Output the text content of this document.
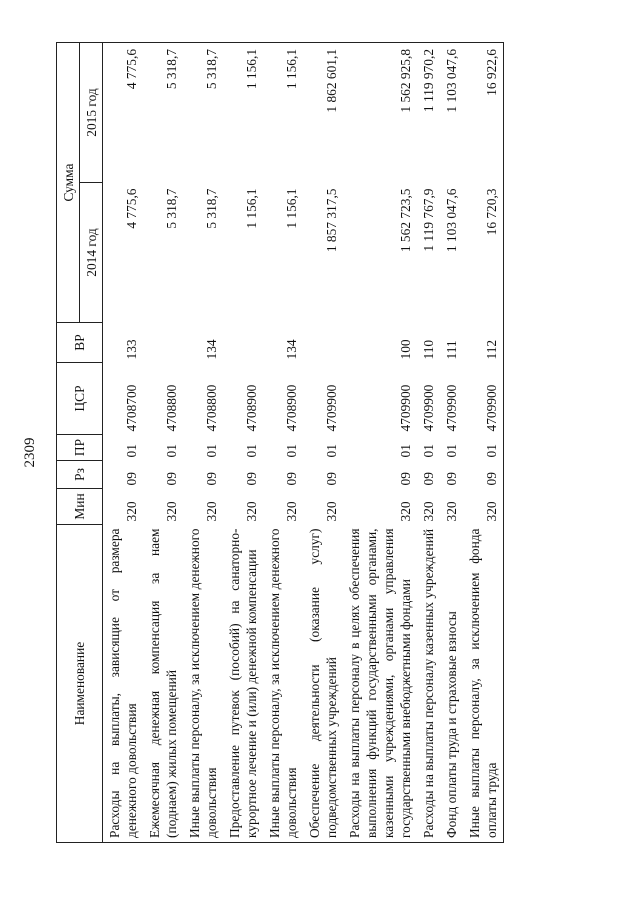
2309
Наименование	Мин	Рз	ПР	ЦСР	ВР	Сумма	
						2014 год	2015 год
Расходы на выплаты, зависящие от размера денежного довольствия	320	09	01	4708700	133	4 775,6	4 775,6
Ежемесячная денежная компенсация за наем (поднаем) жилых помещений	320	09	01	4708800		5 318,7	5 318,7
Иные выплаты персоналу, за исключением денежного довольствия	320	09	01	4708800	134	5 318,7	5 318,7
Предоставление путевок (пособий) на санаторно-курортное лечение и (или) денежной компенсации	320	09	01	4708900		1 156,1	1 156,1
Иные выплаты персоналу, за исключением денежного довольствия	320	09	01	4708900	134	1 156,1	1 156,1
Обеспечение деятельности (оказание услуг) подведомственных учреждений	320	09	01	4709900		1 857 317,5	1 862 601,1
Расходы на выплаты персоналу в целях обеспечения выполнения функций государственными органами, казенными учреждениями, органами управления государственными внебюджетными фондами	320	09	01	4709900	100	1 562 723,5	1 562 925,8
Расходы на выплаты персоналу казенных учреждений	320	09	01	4709900	110	1 119 767,9	1 119 970,2
Фонд оплаты труда и страховые взносы	320	09	01	4709900	111	1 103 047,6	1 103 047,6
Иные выплаты персоналу, за исключением фонда оплаты труда	320	09	01	4709900	112	16 720,3	16 922,6
